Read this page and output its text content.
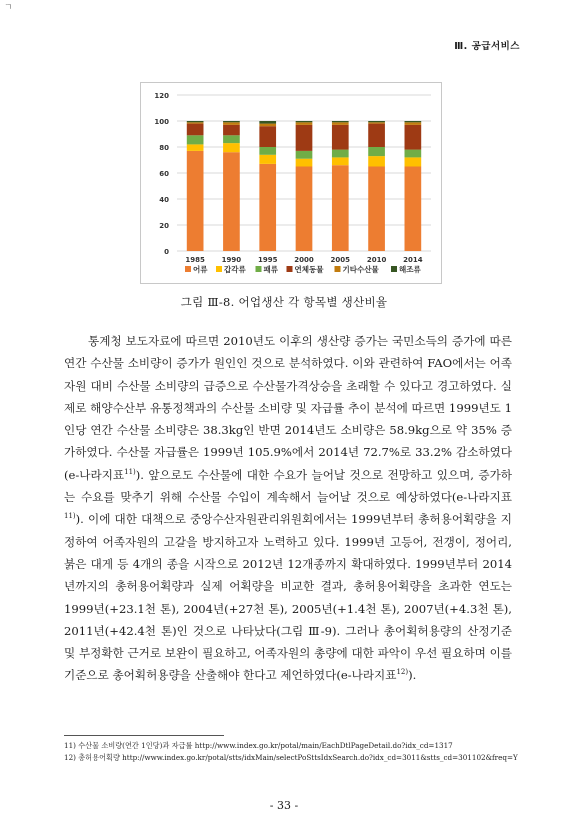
ㄱ
Ⅲ. 공급서비스
0
20
40
60
80
100
120
1985 1990 1995 2000 2005 2010 2014
어류 갑각류 패류 연체동물	기타수산물	해조류
그림 Ⅲ-8. 어업생산 각 항목별 생산비율

통계청 보도자료에 따르면 2010년도 이후의 생산량 증가는 국민소득의 증가에 따른 연간 수산물 소비량이 증가가 원인인 것으로 분석하였다. 이와 관련하여 FAO에서는 어족자원 대비 수산물 소비량의 급증으로 수산물가격상승을 초래할 수 있다고 경고하였다. 실제로 해양수산부 유통정책과의 수산물 소비량 및 자급률 추이 분석에 따르면 1999년도 1인당 연간 수산물 소비량은 38.3kg인 반면 2014년도 소비량은 58.9kg으로 약 35% 증가하였다. 수산물 자급률은 1999년 105.9%에서 2014년 72.7%로 33.2% 감소하였다(e-나라지표$^{11)}$). 앞으로도 수산물에 대한 수요가 늘어날 것으로 전망하고 있으며, 증가하는 수요를 맞추기 위해 수산물 수입이 계속해서 늘어날 것으로 예상하였다(e-나라지표$^{11)}$). 이에 대한 대책으로 중앙수산자원관리위원회에서는 1999년부터 총허용어획량을 지정하여 어족자원의 고갈을 방지하고자 노력하고 있다. 1999년 고등어, 전갱이, 정어리, 붉은 대게 등 4개의 종을 시작으로 2012년 12개종까지 확대하였다. 1999년부터 2014년까지의 총허용어획량과 실제 어획량을 비교한 결과, 총허용어획량을 초과한 연도는 1999년(+23.1천 톤), 2004년(+27천 톤), 2005년(+1.4천 톤), 2007년(+4.3천 톤), 2011년(+42.4천 톤)인 것으로 나타났다(그림 Ⅲ-9). 그러나 총어획허용량의 산정기준 및 부정확한 근거로 보완이 필요하고, 어족자원의 총량에 대한 파악이 우선 필요하며 이를 기준으로 총어획허용량을 산출해야 한다고 제언하였다(e-나라지표$^{12)}$).

11) 수산물 소비량(연간 1인당)과 자급률 http://www.index.go.kr/potal/main/EachDtlPageDetail.do?idx_cd=1317
12) 총허용어획량 http://www.index.go.kr/potal/stts/idxMain/selectPoSttsIdxSearch.do?idx_cd=3011&stts_cd=301102&freq=Y
- 33 -
